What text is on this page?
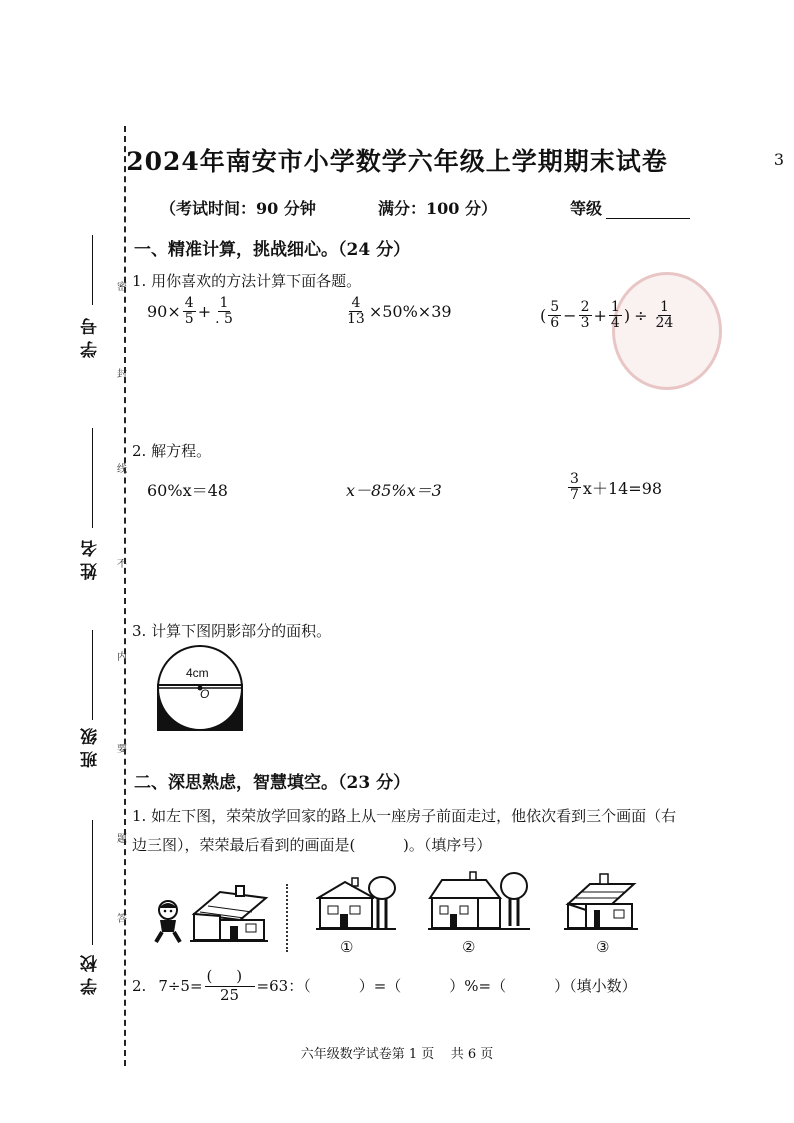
学 号
姓 名
班 级
学 校
密
封
线
内
不
要
答
题
2024年南安市小学数学六年级上学期期末试卷	3
（考试时间：90 分钟	满分：100 分）	等级
一、精准计算，挑战细心。（24 分）
1. 用你喜欢的方法计算下面各题。
$90\times \frac{4}{5} + \frac{1}{. 5}$	$\frac{4}{13} \times 50\%\times 39$	( $\frac{5}{6} - \frac{2}{3} + \frac{1}{4}$ ) ÷ $\frac{1}{24}$
2. 解方程。
60%x＝48	x－85%x＝3	$\frac{3}{7} x+14=98$
3. 计算下图阴影部分的面积。
4cm
O
二、深思熟虑，智慧填空。（23 分）
1. 如左下图，荣荣放学回家的路上从一座房子前面走过，他依次看到三个画面（右
边三图），荣荣最后看到的画面是(          )。（填序号）
①	②	③
2. $7\div 5= \frac{( )}{25} =63$：（	）=（	）%=（	）（填小数）
六年级数学试卷第 1 页    共 6 页
